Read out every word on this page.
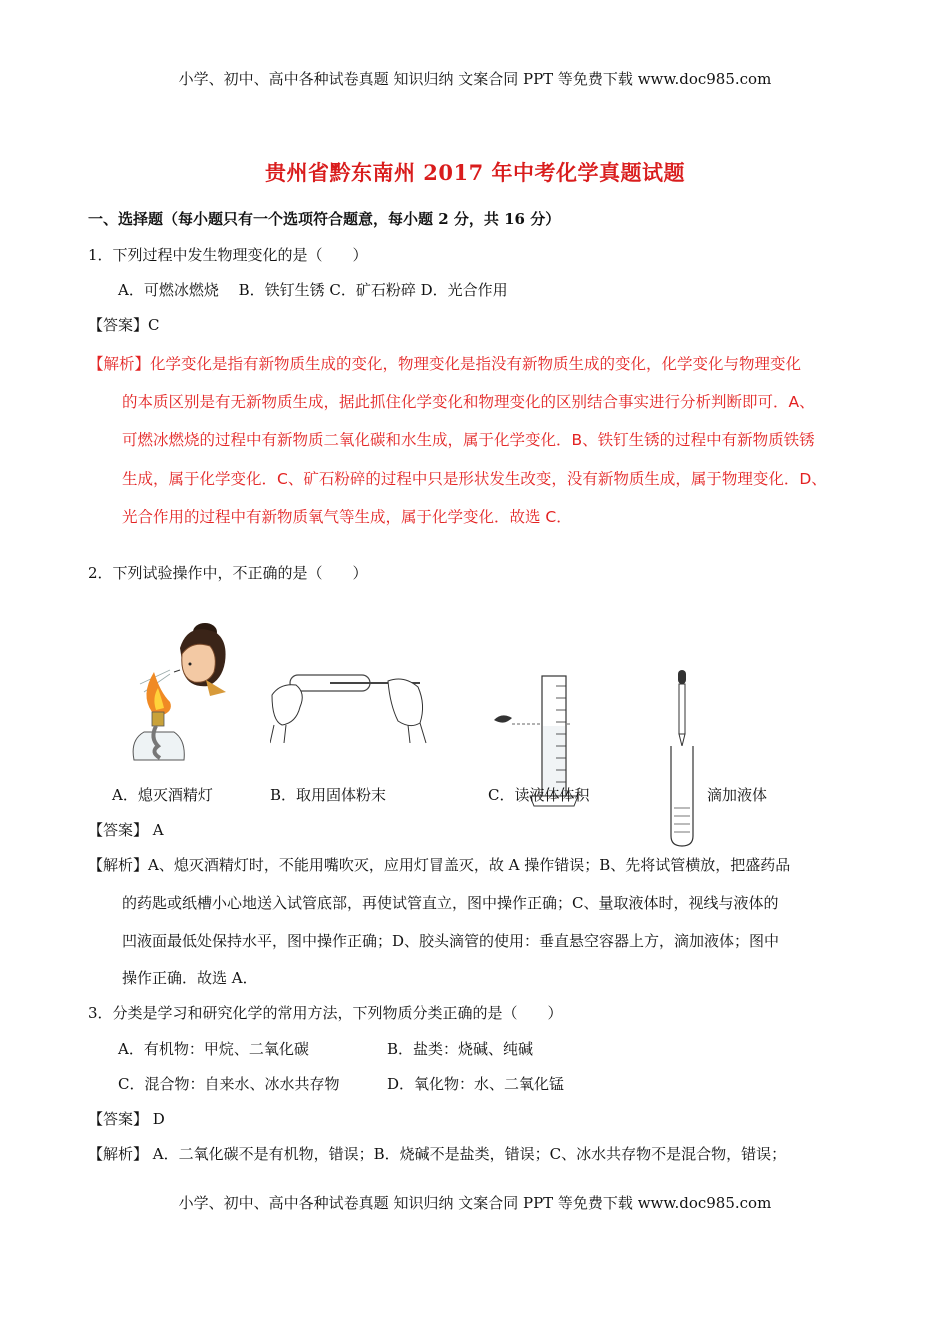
小学、初中、高中各种试卷真题 知识归纳 文案合同 PPT 等免费下载 www.doc985.com
贵州省黔东南州 2017 年中考化学真题试题
一、选择题（每小题只有一个选项符合题意，每小题 2 分，共 16 分）
1．下列过程中发生物理变化的是（　　）
A．可燃冰燃烧　 B．铁钉生锈 C．矿石粉碎 D．光合作用
【答案】C
【解析】化学变化是指有新物质生成的变化，物理变化是指没有新物质生成的变化，化学变化与物理变化
的本质区别是有无新物质生成，据此抓住化学变化和物理变化的区别结合事实进行分析判断即可．A、
可燃冰燃烧的过程中有新物质二氧化碳和水生成，属于化学变化．B、铁钉生锈的过程中有新物质铁锈
生成，属于化学变化．C、矿石粉碎的过程中只是形状发生改变，没有新物质生成，属于物理变化．D、
光合作用的过程中有新物质氧气等生成，属于化学变化．故选 C．
2．下列试验操作中，不正确的是（　　）
A．熄灭酒精灯	B．取用固体粉末	C．读液体体积	滴加液体
【答案】 A
【解析】A、熄灭酒精灯时，不能用嘴吹灭，应用灯冒盖灭，故 A 操作错误；B、先将试管横放，把盛药品
的药匙或纸槽小心地送入试管底部，再使试管直立，图中操作正确；C、量取液体时，视线与液体的
凹液面最低处保持水平，图中操作正确；D、胶头滴管的使用：垂直悬空容器上方，滴加液体；图中
操作正确．故选 A．
3．分类是学习和研究化学的常用方法，下列物质分类正确的是（　　）
A．有机物：甲烷、二氧化碳	B．盐类：烧碱、纯碱
C．混合物：自来水、冰水共存物	D．氧化物：水、二氧化锰
【答案】 D
【解析】 A．二氧化碳不是有机物，错误；B．烧碱不是盐类，错误；C、冰水共存物不是混合物，错误；
小学、初中、高中各种试卷真题 知识归纳 文案合同 PPT 等免费下载 www.doc985.com
